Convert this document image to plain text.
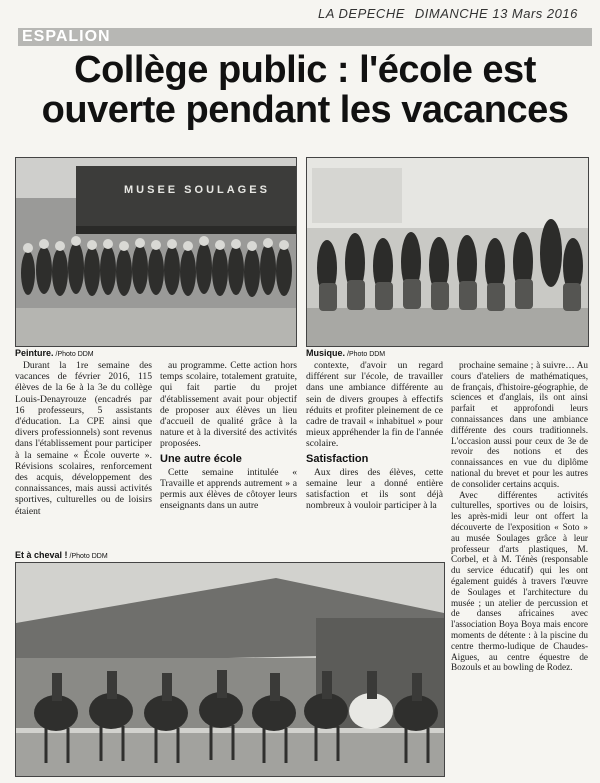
LA DEPECHE DIMANCHE 13 Mars 2016
ESPALION
Collège public : l'école est ouverte pendant les vacances
MUSEE SOULAGES
Peinture. /Photo DDM	Musique. /Photo DDM

Durant la 1re semaine des vacances de février 2016, 115 élèves de la 6e à la 3e du collège Louis-Denayrouze (encadrés par 16 professeurs, 5 assistants d'éducation. La CPE ainsi que divers professionnels) sont revenus dans l'établissement pour participer à la semaine « École ouverte ». Révisions scolaires, renforcement des acquis, développement des connaissances, mais aussi activités sportives, culturelles ou de loisirs étaient

au programme. Cette action hors temps scolaire, totalement gratuite, qui fait partie du projet d'établissement avait pour objectif de proposer aux élèves un lieu d'accueil de qualité grâce à la nature et à la diversité des activités proposées.

Une autre école

Cette semaine intitulée « Travaille et apprends autrement » a permis aux élèves de côtoyer leurs enseignants dans un autre

contexte, d'avoir un regard différent sur l'école, de travailler dans une ambiance différente au sein de divers groupes à effectifs réduits et profiter pleinement de ce cadre de travail « inhabituel » pour mieux appréhender la fin de l'année scolaire.

Satisfaction

Aux dires des élèves, cette semaine leur a donné entière satisfaction et ils sont déjà nombreux à vouloir participer à la

prochaine semaine ; à suivre… Au cours d'ateliers de mathématiques, de français, d'histoire-géographie, de sciences et d'anglais, ils ont ainsi parfait et approfondi leurs connaissances dans une ambiance différente des cours traditionnels. L'occasion aussi pour ceux de 3e de revoir des notions et des connaissances en vue du diplôme national du brevet et pour les autres de consolider certains acquis.

Avec différentes activités culturelles, sportives ou de loisirs, les après-midi leur ont offert la découverte de l'exposition « Soto » au musée Soulages grâce à leur professeur d'arts plastiques, M. Corbel, et à M. Ténès (responsable du service éducatif) qui les ont également guidés à travers l'œuvre de Soulages et l'architecture du musée ; un atelier de percussion et de danses africaines avec l'association Boya Boya mais encore moments de détente : à la piscine du centre thermo-ludique de Chaudes-Aigues, au centre équestre de Bozouls et au bowling de Rodez.

Et à cheval ! /Photo DDM
